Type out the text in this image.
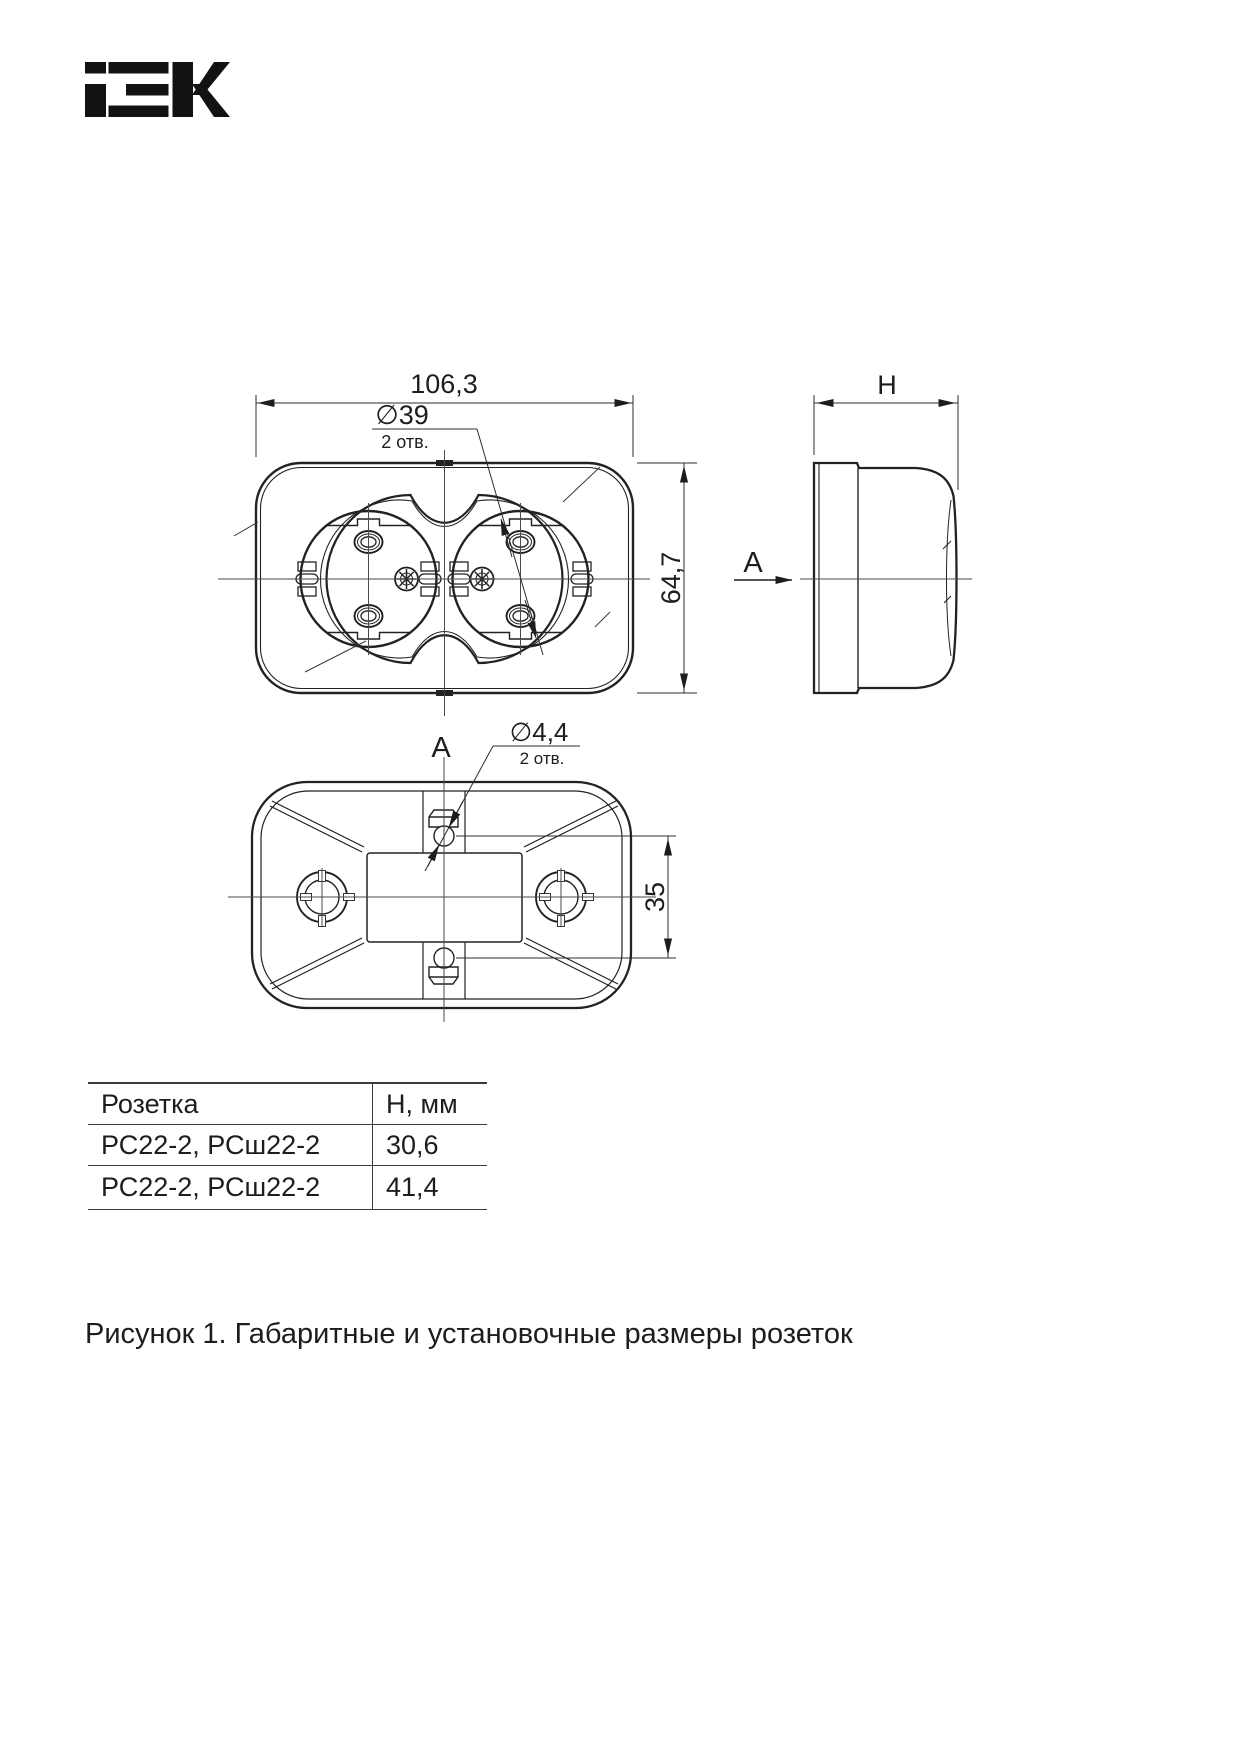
106,3
64,7
∅39
2 отв.
H
А
А ∅4,4
2 отв.
35
Розетка	Н, мм
РС22-2, РСш22-2	30,6
РС22-2, РСш22-2	41,4
Рисунок 1. Габаритные и установочные размеры розеток
